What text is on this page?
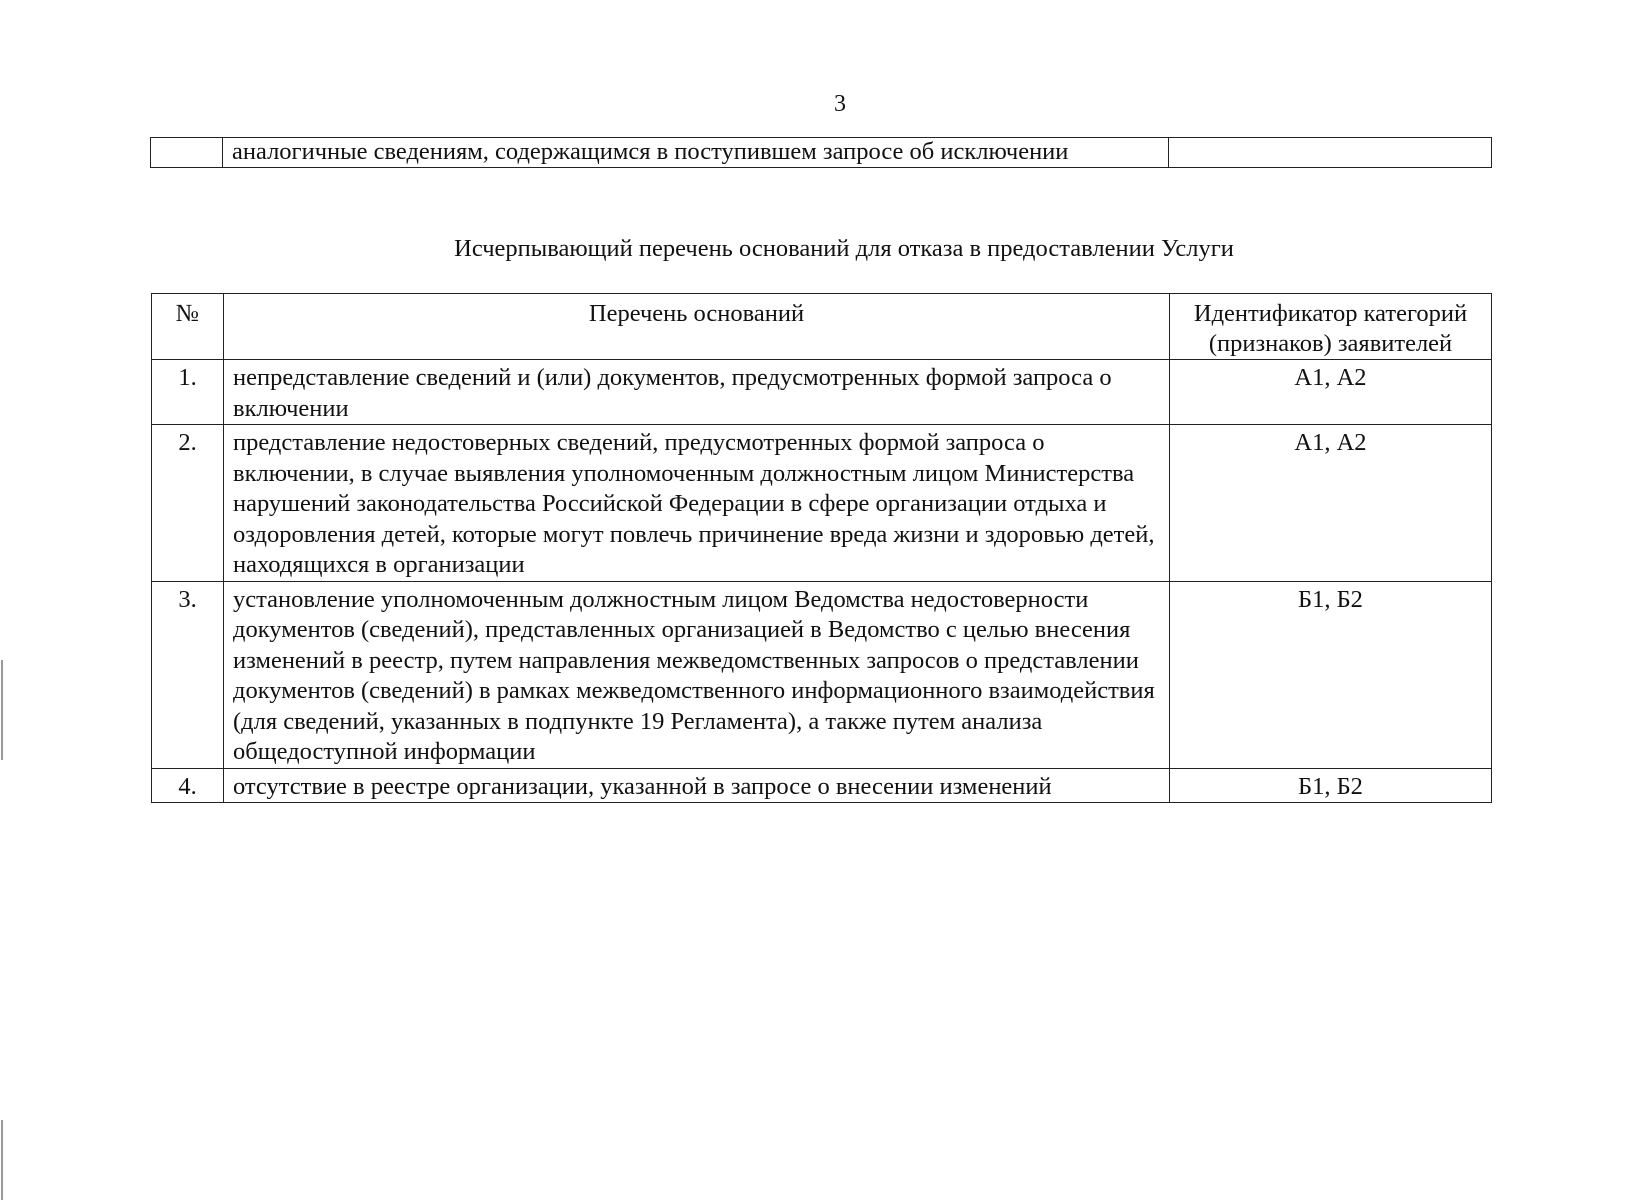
3
	аналогичные сведениям, содержащимся в поступившем запросе об исключении	
Исчерпывающий перечень оснований для отказа в предоставлении Услуги
№	Перечень оснований	Идентификатор категорий (признаков) заявителей
1.	непредставление сведений и (или) документов, предусмотренных формой запроса о включении	А1, А2
2.	представление недостоверных сведений, предусмотренных формой запроса о включении, в случае выявления уполномоченным должностным лицом Министерства нарушений законодательства Российской Федерации в сфере организации отдыха и оздоровления детей, которые могут повлечь причинение вреда жизни и здоровью детей, находящихся в организации	А1, А2
3.	установление уполномоченным должностным лицом Ведомства недостоверности документов (сведений), представленных организацией в Ведомство с целью внесения изменений в реестр, путем направления межведомственных запросов о представлении документов (сведений) в рамках межведомственного информационного взаимодействия (для сведений, указанных в подпункте 19 Регламента), а также путем анализа общедоступной информации	Б1, Б2
4.	отсутствие в реестре организации, указанной в запросе о внесении изменений	Б1, Б2
